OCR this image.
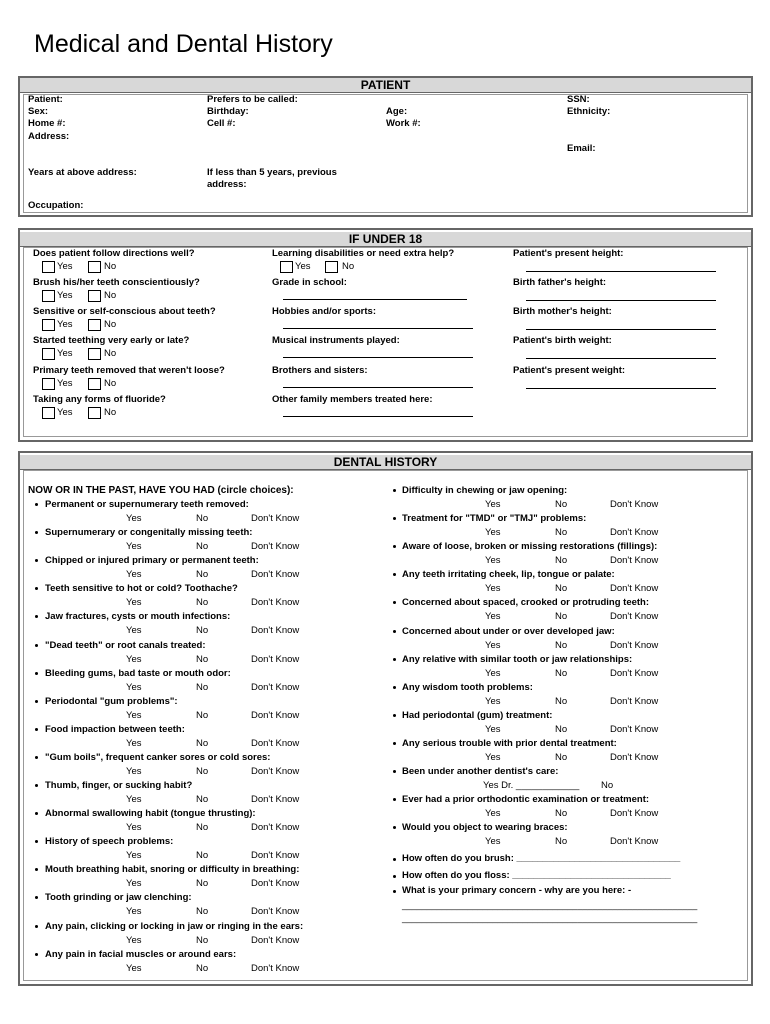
Medical and Dental History
PATIENT
Patient:
Sex:
Home #:
Address:
Prefers to be called:
Birthday:
Cell #:
Age:
Work #:
SSN:
Ethnicity:
Email:
Years at above address:	If less than 5 years, previous
address:
Occupation:
IF UNDER 18
DENTAL HISTORY
NOW OR IN THE PAST, HAVE YOU HAD (circle choices):
Does patient follow directions well?
Yes	No
Brush his/her teeth conscientiously?
Yes	No
Sensitive or self-conscious about teeth?
Yes	No
Started teething very early or late?
Yes	No
Primary teeth removed that weren't loose?
Yes	No
Taking any forms of fluoride?
Yes	No
Learning disabilities or need extra help?
Yes	No
Grade in school:
Hobbies and/or sports:
Musical instruments played:
Brothers and sisters:
Other family members treated here:
Patient's present height:
Birth father's height:
Birth mother's height:
Patient's birth weight:
Patient's present weight:
Permanent or supernumerary teeth removed:
Yes	No	Don't Know
Supernumerary or congenitally missing teeth:
Yes	No	Don't Know
Chipped or injured primary or permanent teeth:
Yes	No	Don't Know
Teeth sensitive to hot or cold? Toothache?
Yes	No	Don't Know
Jaw fractures, cysts or mouth infections:
Yes	No	Don't Know
"Dead teeth" or root canals treated:
Yes	No	Don't Know
Bleeding gums, bad taste or mouth odor:
Yes	No	Don't Know
Periodontal "gum problems":
Yes	No	Don't Know
Food impaction between teeth:
Yes	No	Don't Know
"Gum boils", frequent canker sores or cold sores:
Yes	No	Don't Know
Thumb, finger, or sucking habit?
Yes	No	Don't Know
Abnormal swallowing habit (tongue thrusting):
Yes	No	Don't Know
History of speech problems:
Yes	No	Don't Know
Mouth breathing habit, snoring or difficulty in breathing:
Yes	No	Don't Know
Tooth grinding or jaw clenching:
Yes	No	Don't Know
Any pain, clicking or locking in jaw or ringing in the ears:
Yes	No	Don't Know
Any pain in facial muscles or around ears:
Yes	No	Don't Know
Difficulty in chewing or jaw opening:
Yes	No	Don't Know
Treatment for "TMD" or "TMJ" problems:
Yes	No	Don't Know
Aware of loose, broken or missing restorations (fillings):
Yes	No	Don't Know
Any teeth irritating cheek, lip, tongue or palate:
Yes	No	Don't Know
Concerned about spaced, crooked or protruding teeth:
Yes	No	Don't Know
Concerned about under or over developed jaw:
Yes	No	Don't Know
Any relative with similar tooth or jaw relationships:
Yes	No	Don't Know
Any wisdom tooth problems:
Yes	No	Don't Know
Had periodontal (gum) treatment:
Yes	No	Don't Know
Any serious trouble with prior dental treatment:
Yes	No	Don't Know
Been under another dentist's care:
Yes Dr. ____________ No
Ever had a prior orthodontic examination or treatment:
Yes	No	Don't Know
Would you object to wearing braces:
Yes	No	Don't Know
How often do you brush: _______________________________
How often do you floss: ______________________________
What is your primary concern - why are you here: -
___________________________________________________________
___________________________________________________________
